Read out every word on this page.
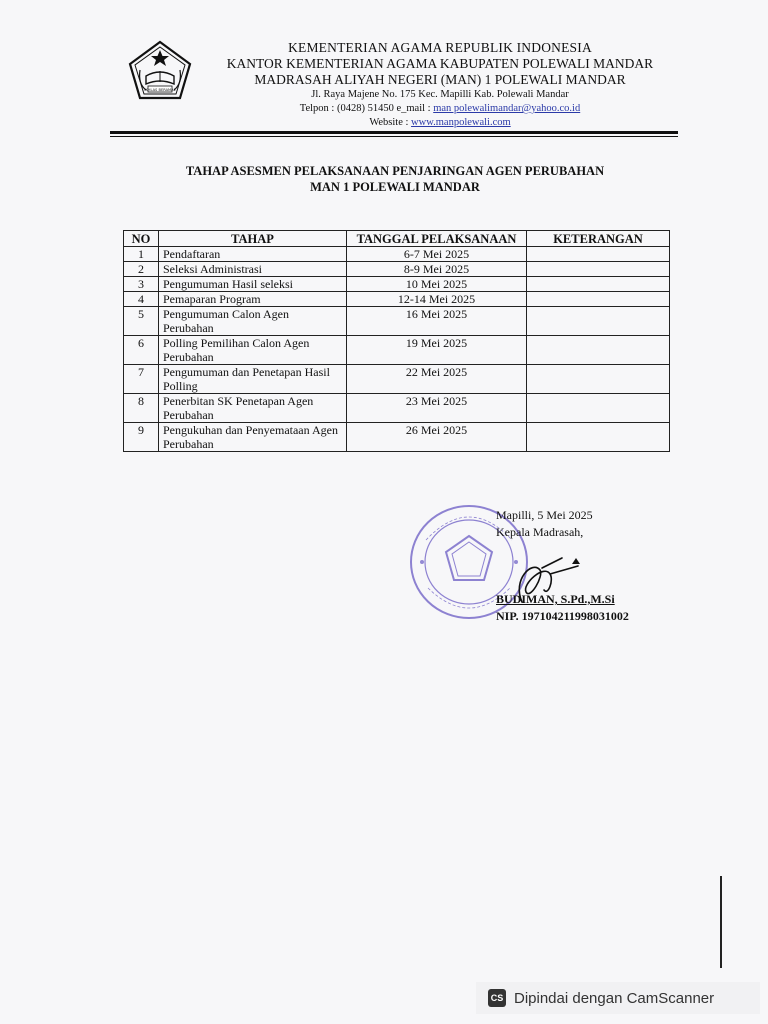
IKHLAS BERAMAL
KEMENTERIAN AGAMA REPUBLIK INDONESIA
KANTOR KEMENTERIAN AGAMA KABUPATEN POLEWALI MANDAR
MADRASAH ALIYAH NEGERI (MAN) 1 POLEWALI MANDAR
Jl. Raya Majene No. 175 Kec. Mapilli Kab. Polewali Mandar
Telpon : (0428) 51450 e_mail : man polewalimandar@yahoo.co.id
Website : www.manpolewali.com
TAHAP ASESMEN PELAKSANAAN PENJARINGAN AGEN PERUBAHAN
MAN 1 POLEWALI MANDAR
NO	TAHAP	TANGGAL PELAKSANAAN	KETERANGAN
1	Pendaftaran	6-7 Mei 2025	
2	Seleksi Administrasi	8-9 Mei 2025	
3	Pengumuman Hasil seleksi	10 Mei 2025	
4	Pemaparan Program	12-14 Mei 2025	
5	Pengumuman Calon Agen Perubahan	16 Mei 2025	
6	Polling Pemilihan Calon Agen Perubahan	19 Mei 2025	
7	Pengumuman dan Penetapan Hasil Polling	22 Mei 2025	
8	Penerbitan SK Penetapan Agen Perubahan	23 Mei 2025	
9	Pengukuhan dan Penyemataan Agen Perubahan	26 Mei 2025	
Mapilli, 5 Mei 2025
Kepala Madrasah,
BUDIMAN, S.Pd.,M.Si
NIP. 197104211998031002
CS Dipindai dengan CamScanner
